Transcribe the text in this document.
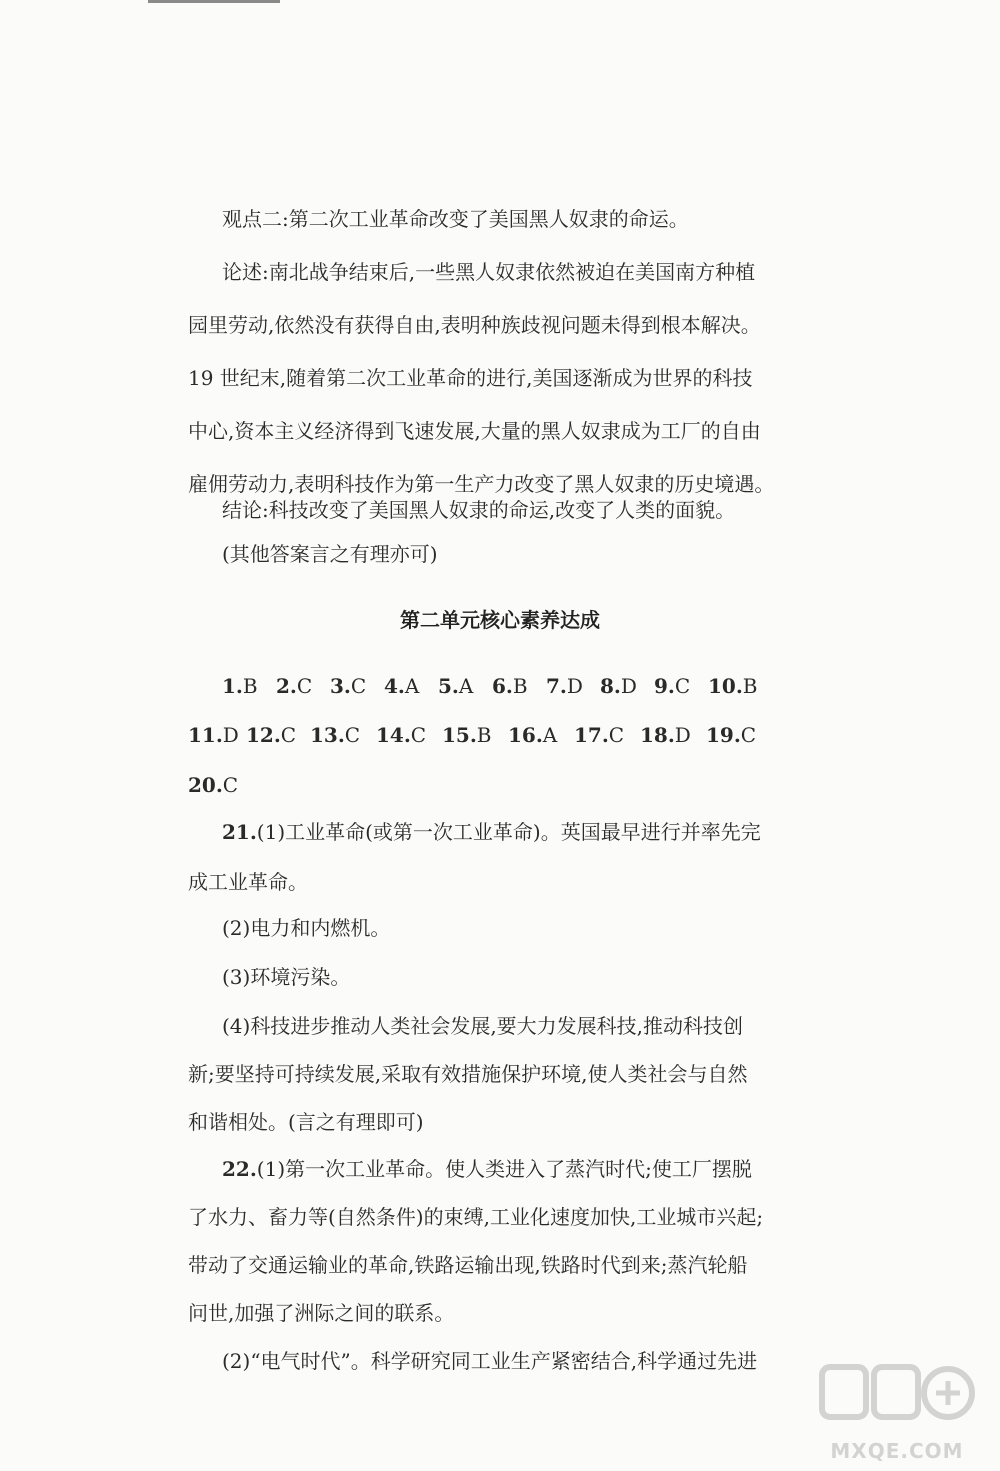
观点二:第二次工业革命改变了美国黑人奴隶的命运。
论述:南北战争结束后,一些黑人奴隶依然被迫在美国南方种植
园里劳动,依然没有获得自由,表明种族歧视问题未得到根本解决。
19 世纪末,随着第二次工业革命的进行,美国逐渐成为世界的科技
中心,资本主义经济得到飞速发展,大量的黑人奴隶成为工厂的自由
雇佣劳动力,表明科技作为第一生产力改变了黑人奴隶的历史境遇。
结论:科技改变了美国黑人奴隶的命运,改变了人类的面貌。
(其他答案言之有理亦可)
第二单元核心素养达成
1.B 2.C 3.C 4.A 5.A 6.B 7.D 8.D 9.C 10.B
11.D 12.C 13.C 14.C 15.B 16.A 17.C 18.D 19.C
20.C
21.(1)工业革命(或第一次工业革命)。英国最早进行并率先完
成工业革命。
(2)电力和内燃机。
(3)环境污染。
(4)科技进步推动人类社会发展,要大力发展科技,推动科技创
新;要坚持可持续发展,采取有效措施保护环境,使人类社会与自然
和谐相处。(言之有理即可)
22.(1)第一次工业革命。使人类进入了蒸汽时代;使工厂摆脱
了水力、畜力等(自然条件)的束缚,工业化速度加快,工业城市兴起;
带动了交通运输业的革命,铁路运输出现,铁路时代到来;蒸汽轮船
问世,加强了洲际之间的联系。
(2)“电气时代”。科学研究同工业生产紧密结合,科学通过先进
MXQE.COM
